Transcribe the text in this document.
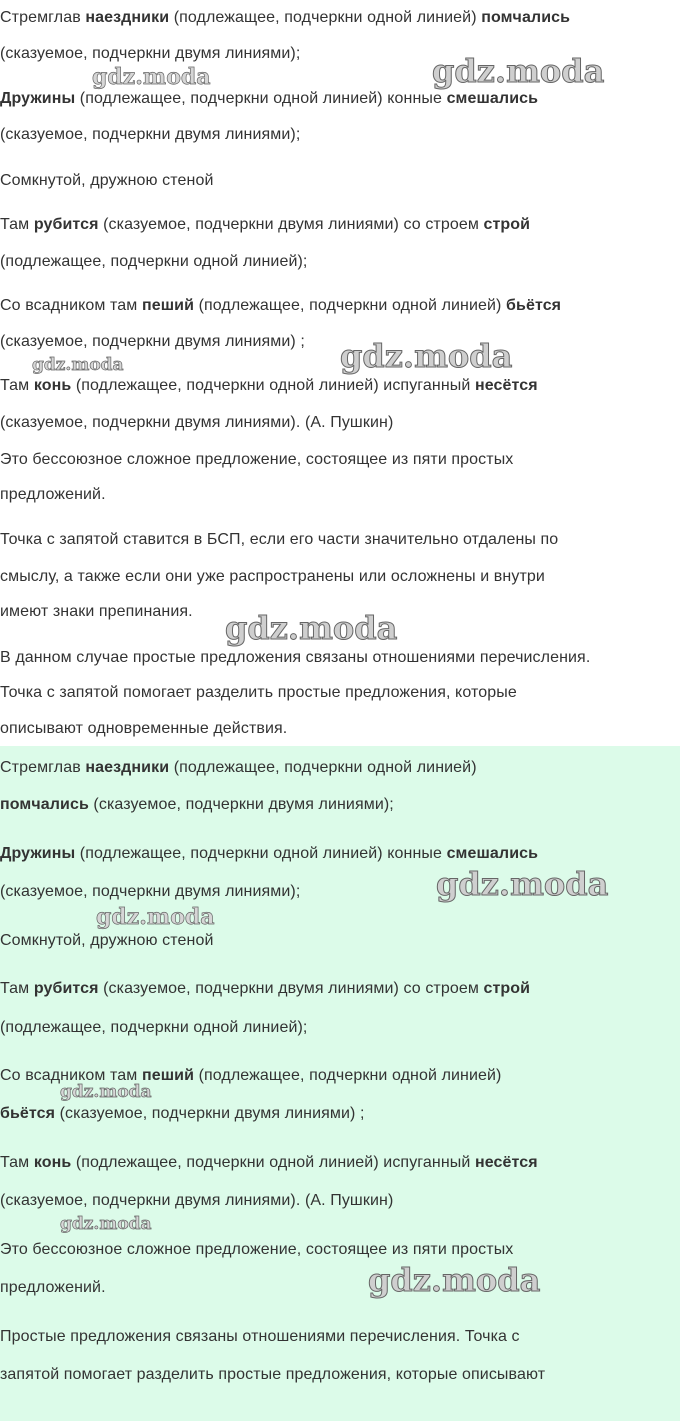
Стремглав наездники (подлежащее, подчеркни одной линией) помчались
(сказуемое, подчеркни двумя линиями);
Дружины (подлежащее, подчеркни одной линией) конные смешались
(сказуемое, подчеркни двумя линиями);
Сомкнутой, дружною стеной
Там рубится (сказуемое, подчеркни двумя линиями) со строем строй
(подлежащее, подчеркни одной линией);
Со всадником там пеший (подлежащее, подчеркни одной линией) бьётся
(сказуемое, подчеркни двумя линиями) ;
Там конь (подлежащее, подчеркни одной линией) испуганный несётся
(сказуемое, подчеркни двумя линиями). (А. Пушкин)
Это бессоюзное сложное предложение, состоящее из пяти простых
предложений.
Точка с запятой ставится в БСП, если его части значительно отдалены по
смыслу, а также если они уже распространены или осложнены и внутри
имеют знаки препинания.
В данном случае простые предложения связаны отношениями перечисления.
Точка с запятой помогает разделить простые предложения, которые
описывают одновременные действия.
gdz.moda	gdz.moda
gdz.moda	gdz.moda
gdz.moda
Стремглав наездники (подлежащее, подчеркни одной линией)
помчались (сказуемое, подчеркни двумя линиями);
Дружины (подлежащее, подчеркни одной линией) конные смешались
(сказуемое, подчеркни двумя линиями);
Сомкнутой, дружною стеной
Там рубится (сказуемое, подчеркни двумя линиями) со строем строй
(подлежащее, подчеркни одной линией);
Со всадником там пеший (подлежащее, подчеркни одной линией)
бьётся (сказуемое, подчеркни двумя линиями) ;
Там конь (подлежащее, подчеркни одной линией) испуганный несётся
(сказуемое, подчеркни двумя линиями). (А. Пушкин)
Это бессоюзное сложное предложение, состоящее из пяти простых
предложений.
Простые предложения связаны отношениями перечисления. Точка с
запятой помогает разделить простые предложения, которые описывают
gdz.moda
gdz.moda
gdz.moda
gdz.moda
gdz.moda
